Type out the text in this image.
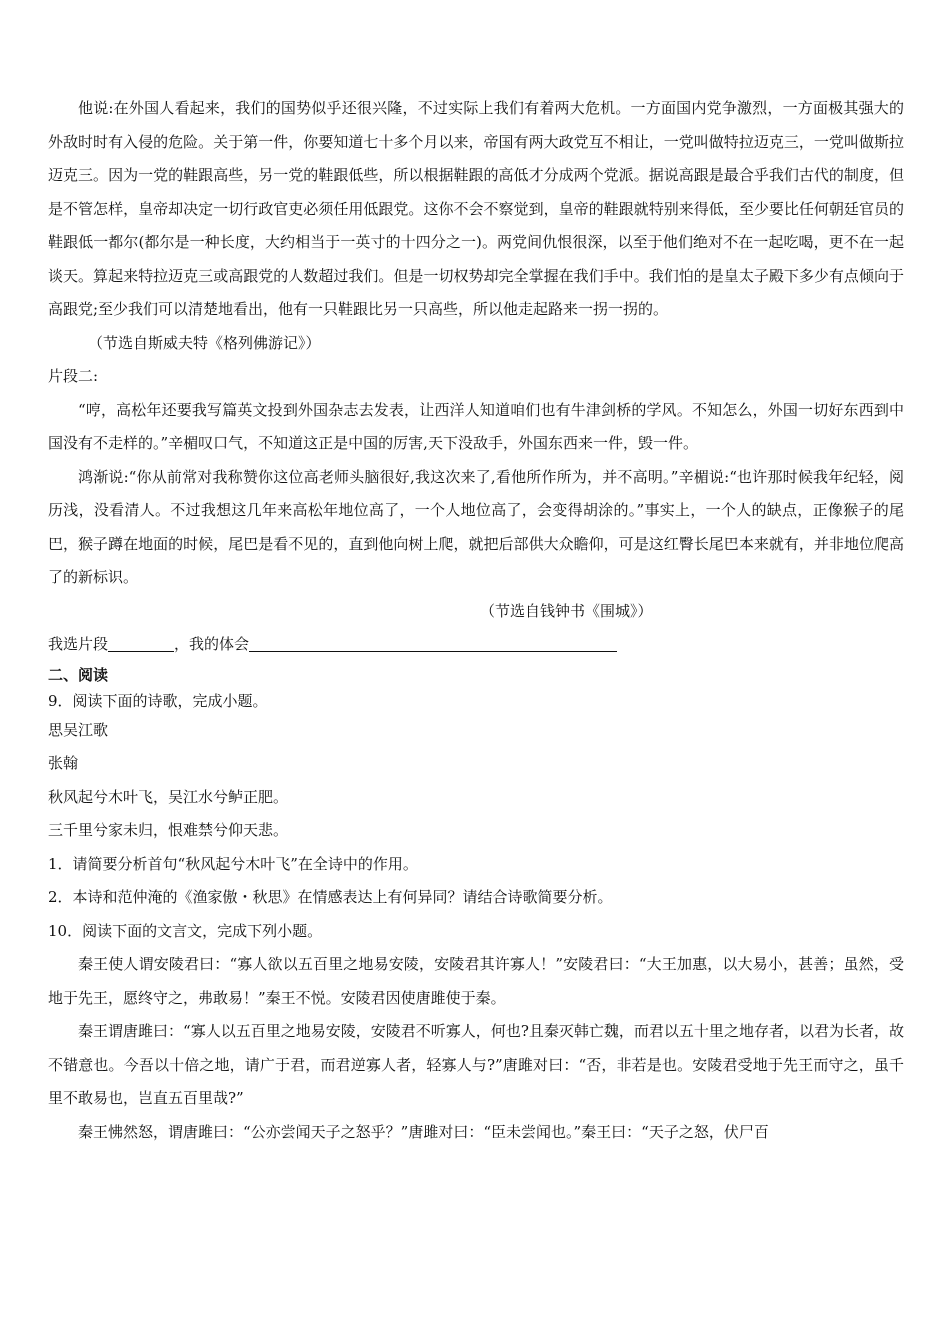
他说:在外国人看起来，我们的国势似乎还很兴隆，不过实际上我们有着两大危机。一方面国内党争激烈，一方面极其强大的外敌时时有入侵的危险。关于第一件，你要知道七十多个月以来，帝国有两大政党互不相让，一党叫做特拉迈克三，一党叫做斯拉迈克三。因为一党的鞋跟高些，另一党的鞋跟低些，所以根据鞋跟的高低才分成两个党派。据说高跟是最合乎我们古代的制度，但是不管怎样，皇帝却决定一切行政官吏必须任用低跟党。这你不会不察觉到，皇帝的鞋跟就特别来得低，至少要比任何朝廷官员的鞋跟低一都尔(都尔是一种长度，大约相当于一英寸的十四分之一)。两党间仇恨很深，以至于他们绝对不在一起吃喝，更不在一起谈天。算起来特拉迈克三或高跟党的人数超过我们。但是一切权势却完全掌握在我们手中。我们怕的是皇太子殿下多少有点倾向于高跟党;至少我们可以清楚地看出，他有一只鞋跟比另一只高些，所以他走起路来一拐一拐的。

（节选自斯威夫特《格列佛游记》）

片段二:

“哼，高松年还要我写篇英文投到外国杂志去发表，让西洋人知道咱们也有牛津剑桥的学风。不知怎么，外国一切好东西到中国没有不走样的。”辛楣叹口气，不知道这正是中国的厉害,天下没敌手，外国东西来一件，毁一件。

鸿渐说:“你从前常对我称赞你这位高老师头脑很好,我这次来了,看他所作所为，并不高明。”辛楣说:“也许那时候我年纪轻，阅历浅，没看清人。不过我想这几年来高松年地位高了，一个人地位高了，会变得胡涂的。”事实上，一个人的缺点，正像猴子的尾巴，猴子蹲在地面的时候，尾巴是看不见的，直到他向树上爬，就把后部供大众瞻仰，可是这红臀长尾巴本来就有，并非地位爬高了的新标识。

（节选自钱钟书《围城》）

我选片段	，我的体会

二、阅读

9．阅读下面的诗歌，完成小题。

思吴江歌

张翰

秋风起兮木叶飞，吴江水兮鲈正肥。

三千里兮家未归，恨难禁兮仰天悲。

1．请简要分析首句“秋风起兮木叶飞”在全诗中的作用。

2．本诗和范仲淹的《渔家傲・秋思》在情感表达上有何异同？请结合诗歌简要分析。

10．阅读下面的文言文，完成下列小题。

秦王使人谓安陵君曰：“寡人欲以五百里之地易安陵，安陵君其许寡人！”安陵君曰：“大王加惠，以大易小，甚善；虽然，受地于先王，愿终守之，弗敢易！”秦王不悦。安陵君因使唐雎使于秦。

秦王谓唐雎曰：“寡人以五百里之地易安陵，安陵君不听寡人，何也?且秦灭韩亡魏，而君以五十里之地存者，以君为长者，故不错意也。今吾以十倍之地，请广于君，而君逆寡人者，轻寡人与?”唐雎对曰：“否，非若是也。安陵君受地于先王而守之，虽千里不敢易也，岂直五百里哉?”

秦王怫然怒，谓唐雎曰：“公亦尝闻天子之怒乎？”唐雎对曰：“臣未尝闻也。”秦王曰：“天子之怒，伏尸百
